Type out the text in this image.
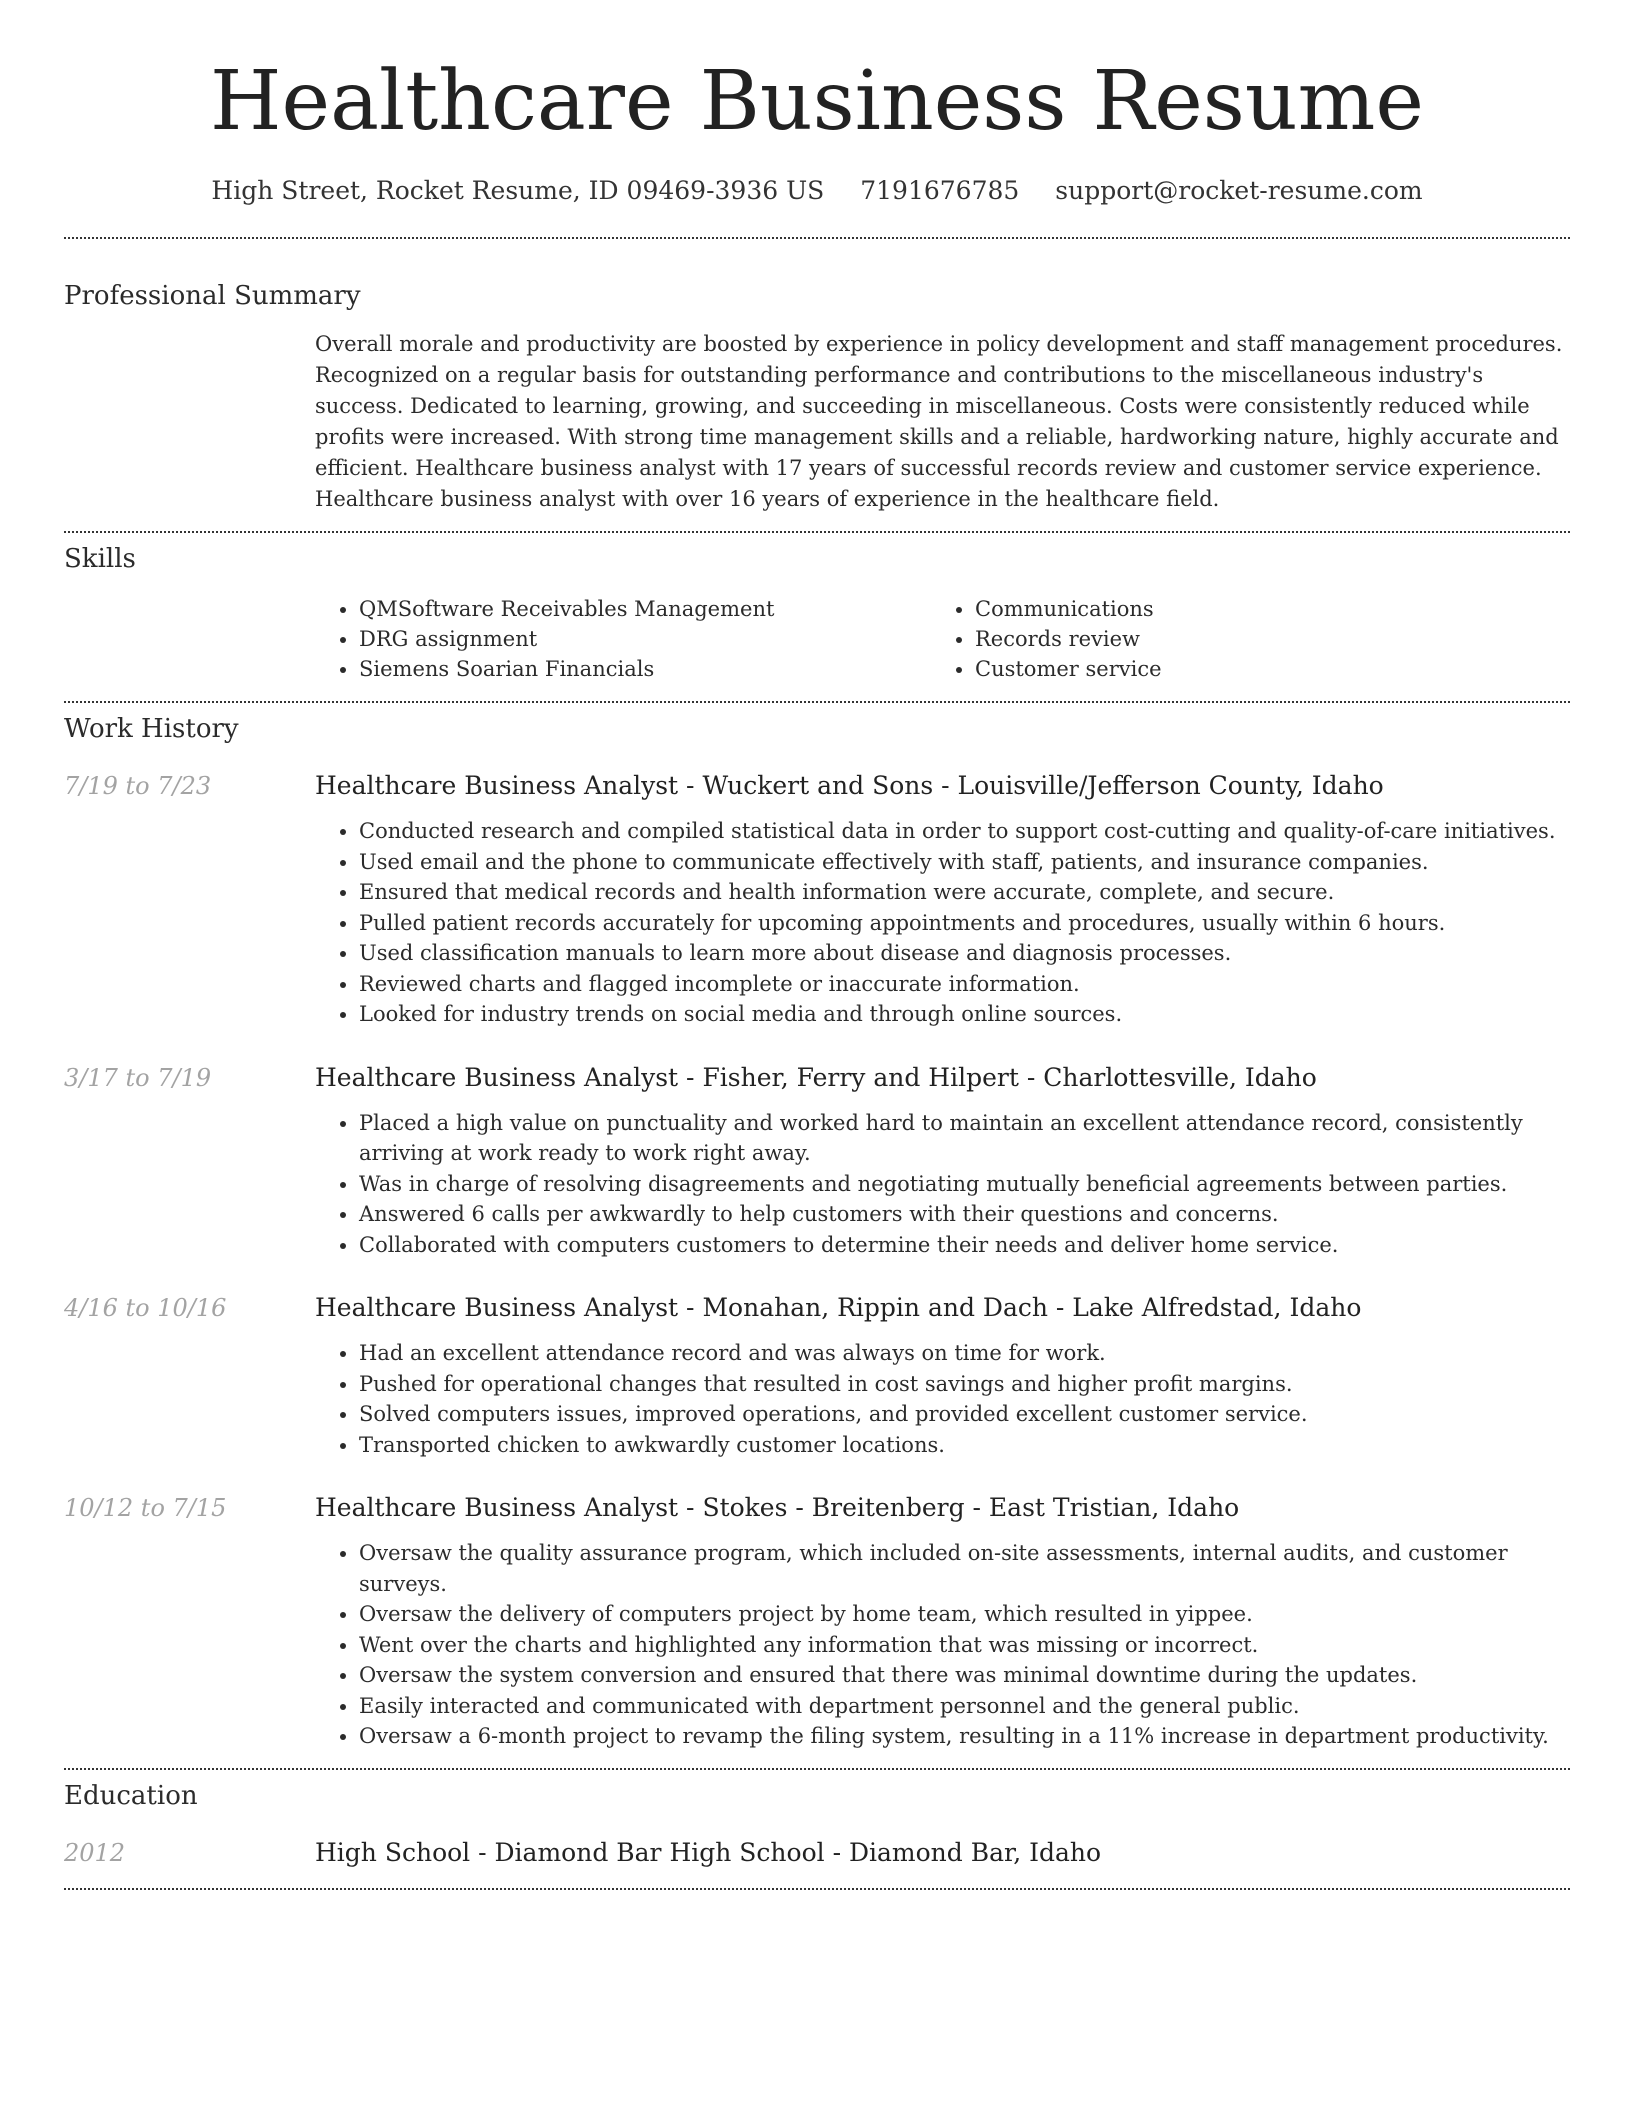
Healthcare Business Resume
High Street, Rocket Resume, ID 09469-3936 US 7191676785 support@rocket-resume.com
Professional Summary

Overall morale and productivity are boosted by experience in policy development and staff management procedures. Recognized on a regular basis for outstanding performance and contributions to the miscellaneous industry's success. Dedicated to learning, growing, and succeeding in miscellaneous. Costs were consistently reduced while profits were increased. With strong time management skills and a reliable, hardworking nature, highly accurate and efficient. Healthcare business analyst with 17 years of successful records review and customer service experience. Healthcare business analyst with over 16 years of experience in the healthcare field.

Skills
• QMSoftware Receivables Management
• DRG assignment
• Siemens Soarian Financials
• Communications
• Records review
• Customer service
Work History
7/19 to 7/23	Healthcare Business Analyst - Wuckert and Sons - Louisville/Jefferson County, Idaho
• Conducted research and compiled statistical data in order to support cost-cutting and quality-of-care initiatives.
• Used email and the phone to communicate effectively with staff, patients, and insurance companies.
• Ensured that medical records and health information were accurate, complete, and secure.
• Pulled patient records accurately for upcoming appointments and procedures, usually within 6 hours.
• Used classification manuals to learn more about disease and diagnosis processes.
• Reviewed charts and flagged incomplete or inaccurate information.
• Looked for industry trends on social media and through online sources.
3/17 to 7/19	Healthcare Business Analyst - Fisher, Ferry and Hilpert - Charlottesville, Idaho
• Placed a high value on punctuality and worked hard to maintain an excellent attendance record, consistently arriving at work ready to work right away.
• Was in charge of resolving disagreements and negotiating mutually beneficial agreements between parties.
• Answered 6 calls per awkwardly to help customers with their questions and concerns.
• Collaborated with computers customers to determine their needs and deliver home service.
4/16 to 10/16	Healthcare Business Analyst - Monahan, Rippin and Dach - Lake Alfredstad, Idaho
• Had an excellent attendance record and was always on time for work.
• Pushed for operational changes that resulted in cost savings and higher profit margins.
• Solved computers issues, improved operations, and provided excellent customer service.
• Transported chicken to awkwardly customer locations.
10/12 to 7/15	Healthcare Business Analyst - Stokes - Breitenberg - East Tristian, Idaho
• Oversaw the quality assurance program, which included on-site assessments, internal audits, and customer surveys.
• Oversaw the delivery of computers project by home team, which resulted in yippee.
• Went over the charts and highlighted any information that was missing or incorrect.
• Oversaw the system conversion and ensured that there was minimal downtime during the updates.
• Easily interacted and communicated with department personnel and the general public.
• Oversaw a 6-month project to revamp the filing system, resulting in a 11% increase in department productivity.
Education
2012	High School - Diamond Bar High School - Diamond Bar, Idaho
